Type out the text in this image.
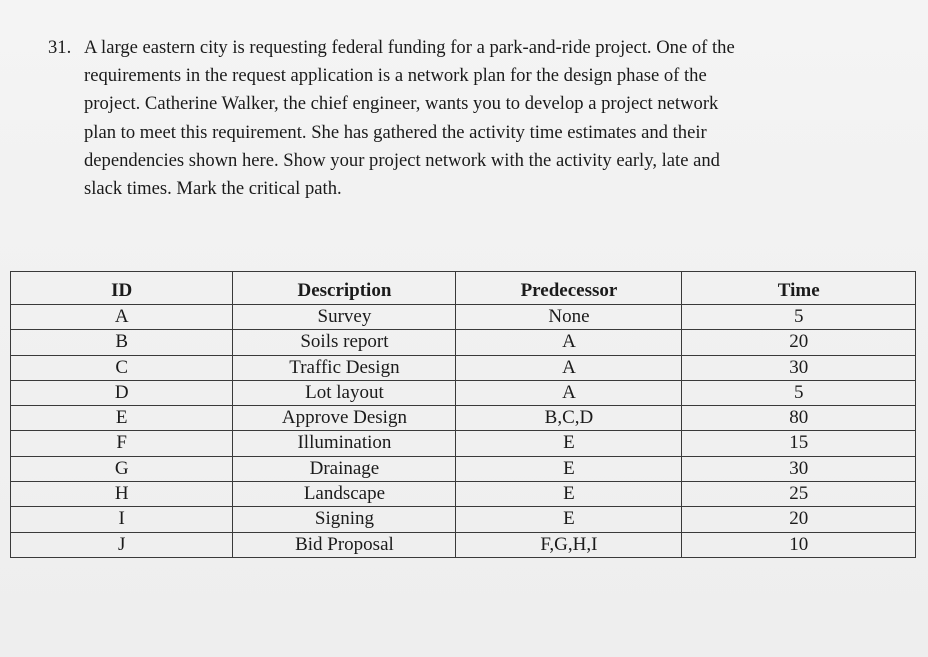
31. A large eastern city is requesting federal funding for a park-and-ride project. One of the
requirements in the request application is a network plan for the design phase of the
project. Catherine Walker, the chief engineer, wants you to develop a project network
plan to meet this requirement. She has gathered the activity time estimates and their
dependencies shown here. Show your project network with the activity early, late and
slack times. Mark the critical path.
ID	Description	Predecessor	Time
A	Survey	None	5
B	Soils report	A	20
C	Traffic Design	A	30
D	Lot layout	A	5
E	Approve Design	B,C,D	80
F	Illumination	E	15
G	Drainage	E	30
H	Landscape	E	25
I	Signing	E	20
J	Bid Proposal	F,G,H,I	10
